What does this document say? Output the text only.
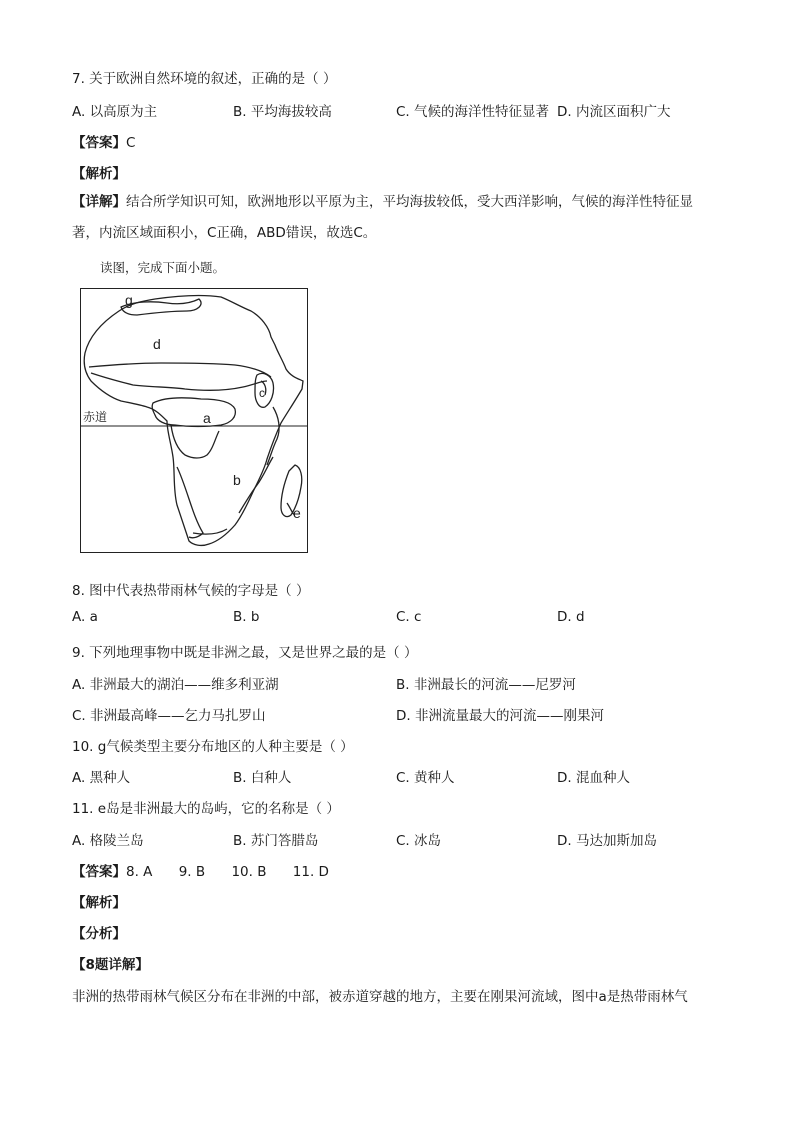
7. 关于欧洲自然环境的叙述，正确的是（ ）
A. 以高原为主	B. 平均海拔较高	C. 气候的海洋性特征显著 D. 内流区面积广大
【答案】C
【解析】
【详解】结合所学知识可知，欧洲地形以平原为主，平均海拔较低，受大西洋影响，气候的海洋性特征显
著，内流区域面积小，C正确，ABD错误，故选C。
读图，完成下面小题。
g
d
c
赤道	a
b
e
8. 图中代表热带雨林气候的字母是（ ）
A. a	B. b	C. c	D. d
9. 下列地理事物中既是非洲之最，又是世界之最的是（ ）
A. 非洲最大的湖泊——维多利亚湖	B. 非洲最长的河流——尼罗河
C. 非洲最高峰——乞力马扎罗山	D. 非洲流量最大的河流——刚果河
10. g气候类型主要分布地区的人种主要是（ ）
A. 黑种人	B. 白种人	C. 黄种人	D. 混血种人
11. e岛是非洲最大的岛屿，它的名称是（ ）
A. 格陵兰岛	B. 苏门答腊岛	C. 冰岛	D. 马达加斯加岛
【答案】8. A 9. B 10. B 11. D
【解析】
【分析】
【8题详解】
非洲的热带雨林气候区分布在非洲的中部，被赤道穿越的地方，主要在刚果河流域，图中a是热带雨林气
